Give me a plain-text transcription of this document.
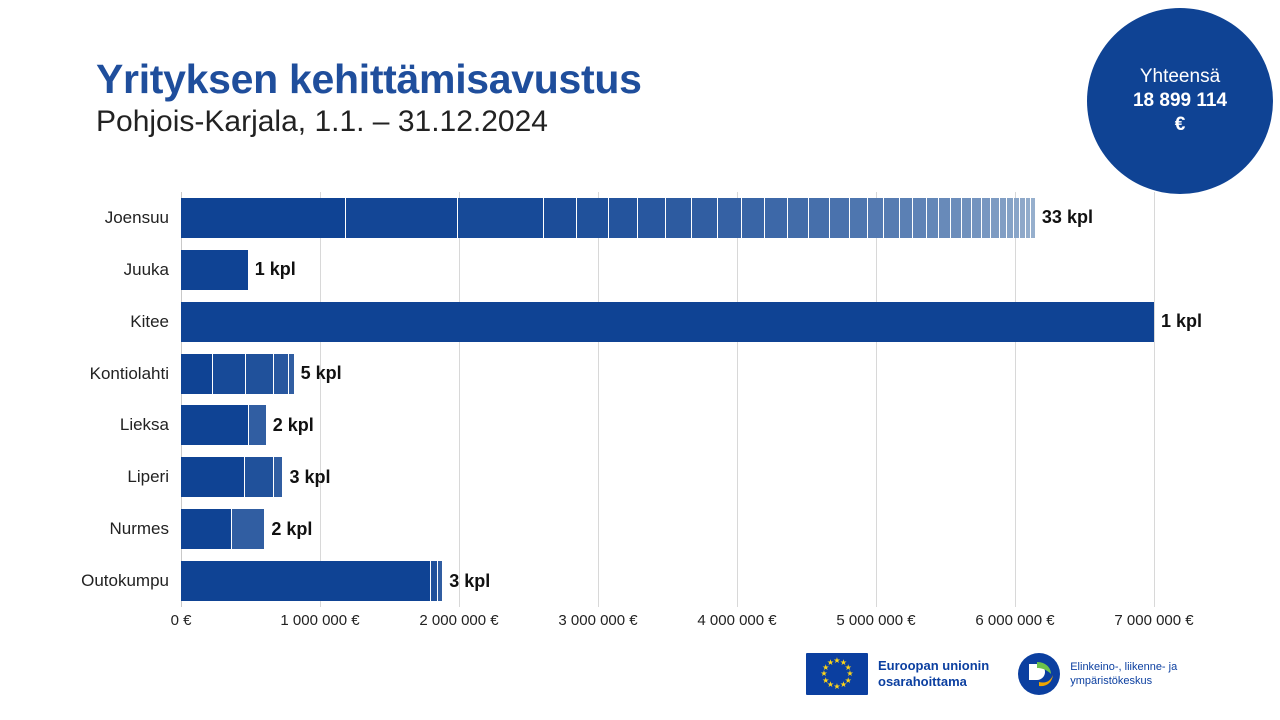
Yrityksen kehittämisavustus
Pohjois-Karjala, 1.1. – 31.12.2024
Yhteensä
18 899 114
€
33 kpl
1 kpl
1 kpl
5 kpl
2 kpl
3 kpl
2 kpl
3 kpl
Joensuu
Juuka
Kitee
Kontiolahti
Lieksa
Liperi
Nurmes
Outokumpu
0 €	1 000 000 €	2 000 000 €	3 000 000 €	4 000 000 €	5 000 000 €	6 000 000 €	7 000 000 €
★ ★
★
★
★
★
★
★
★
★
★
★	Euroopan unionin
osarahoittama
Elinkeino-, liikenne- ja
ympäristökeskus
